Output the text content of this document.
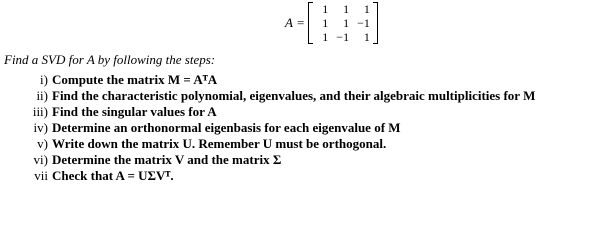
A =
1	1	1
1	1	−1
1	−1	1
Find a SVD for A by following the steps:
i) Compute the matrix M = AᵀA
ii) Find the characteristic polynomial, eigenvalues, and their algebraic multiplicities for M
iii) Find the singular values for A
iv) Determine an orthonormal eigenbasis for each eigenvalue of M
v) Write down the matrix U. Remember U must be orthogonal.
vi) Determine the matrix V and the matrix Σ
vii Check that A = UΣVᵀ.
